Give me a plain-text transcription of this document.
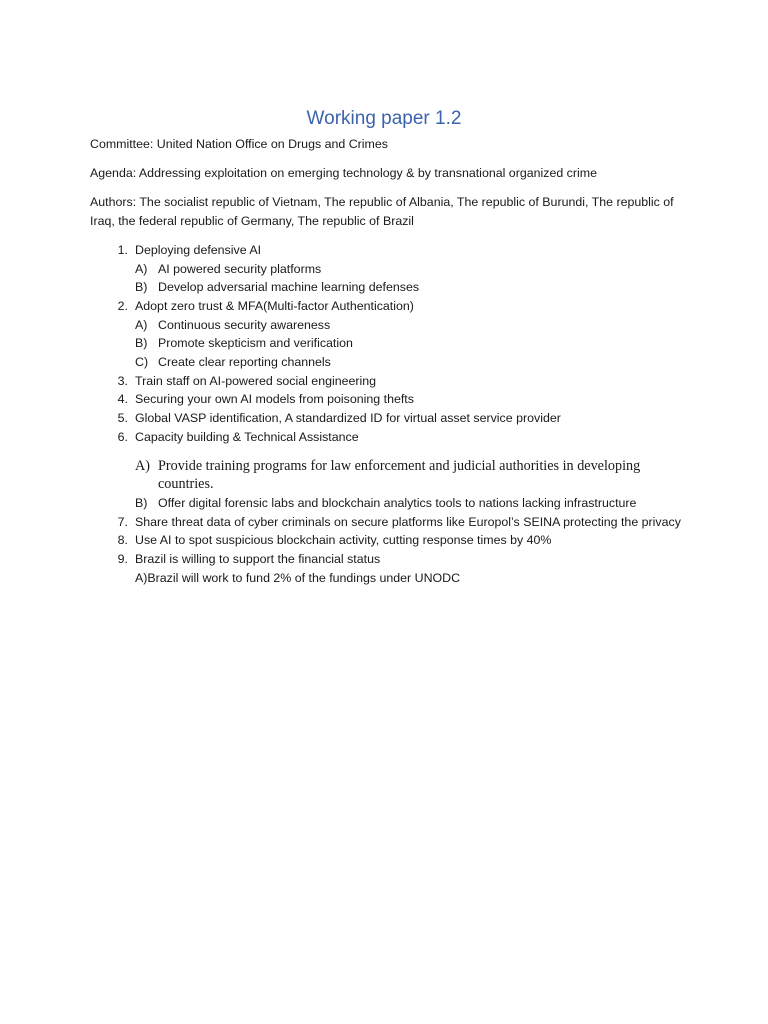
Working paper 1.2
Committee: United Nation Office on Drugs and Crimes
Agenda: Addressing exploitation on emerging technology & by transnational organized crime
Authors: The socialist republic of Vietnam, The republic of Albania, The republic of Burundi, The republic of Iraq, the federal republic of Germany, The republic of Brazil
1. Deploying defensive AI
A) AI powered security platforms
B) Develop adversarial machine learning defenses
2. Adopt zero trust & MFA(Multi-factor Authentication)
A) Continuous security awareness
B) Promote skepticism and verification
C) Create clear reporting channels
3. Train staff on AI-powered social engineering
4. Securing your own AI models from poisoning thefts
5. Global VASP identification, A standardized ID for virtual asset service provider
6. Capacity building & Technical Assistance
A) Provide training programs for law enforcement and judicial authorities in developing countries.
B) Offer digital forensic labs and blockchain analytics tools to nations lacking infrastructure
7. Share threat data of cyber criminals on secure platforms like Europol’s SEINA protecting the privacy
8. Use AI to spot suspicious blockchain activity, cutting response times by 40%
9. Brazil is willing to support the financial status
A)Brazil will work to fund 2% of the fundings under UNODC
